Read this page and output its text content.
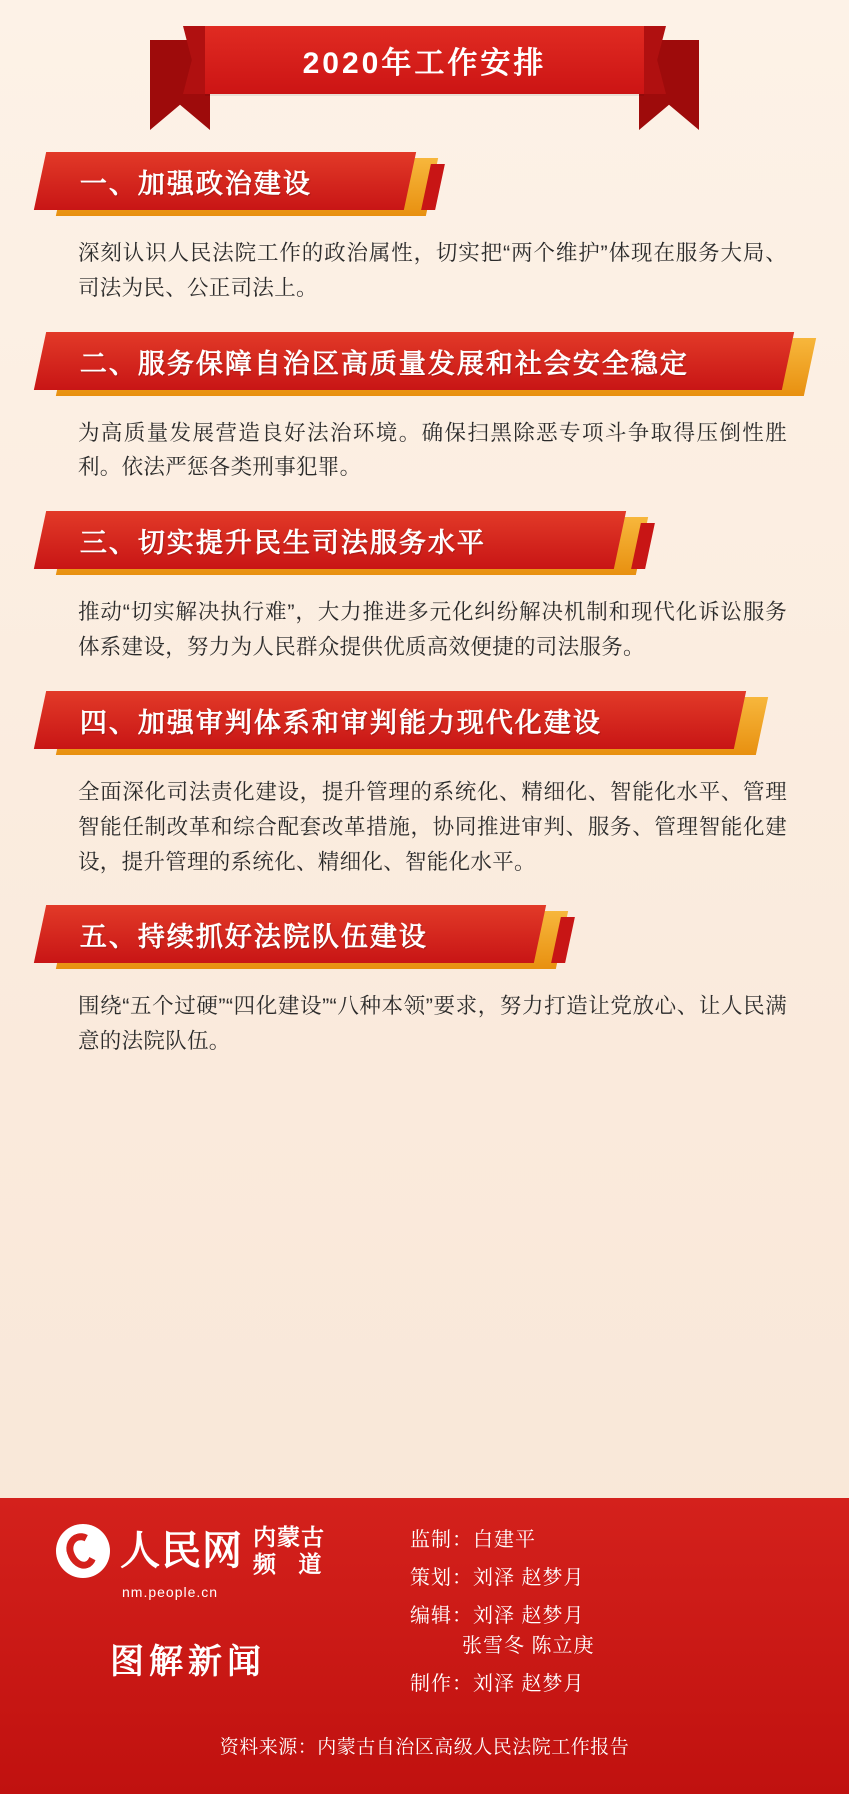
2020年工作安排
一、加强政治建设

深刻认识人民法院工作的政治属性，切实把“两个维护”体现在服务大局、司法为民、公正司法上。

二、服务保障自治区高质量发展和社会安全稳定

为高质量发展营造良好法治环境。确保扫黑除恶专项斗争取得压倒性胜利。依法严惩各类刑事犯罪。

三、切实提升民生司法服务水平

推动“切实解决执行难”，大力推进多元化纠纷解决机制和现代化诉讼服务体系建设，努力为人民群众提供优质高效便捷的司法服务。

四、加强审判体系和审判能力现代化建设

全面深化司法责化建设，提升管理的系统化、精细化、智能化水平、管理智能任制改革和综合配套改革措施，协同推进审判、服务、管理智能化建设，提升管理的系统化、精细化、智能化水平。

五、持续抓好法院队伍建设

围绕“五个过硬”“四化建设”“八种本领”要求，努力打造让党放心、让人民满意的法院队伍。

人民网 内蒙古
频 道
nm.people.cn
图解新闻
监制：白建平
策划：刘泽 赵梦月
编辑：刘泽 赵梦月
张雪冬 陈立庚
制作：刘泽 赵梦月
资料来源：内蒙古自治区高级人民法院工作报告
